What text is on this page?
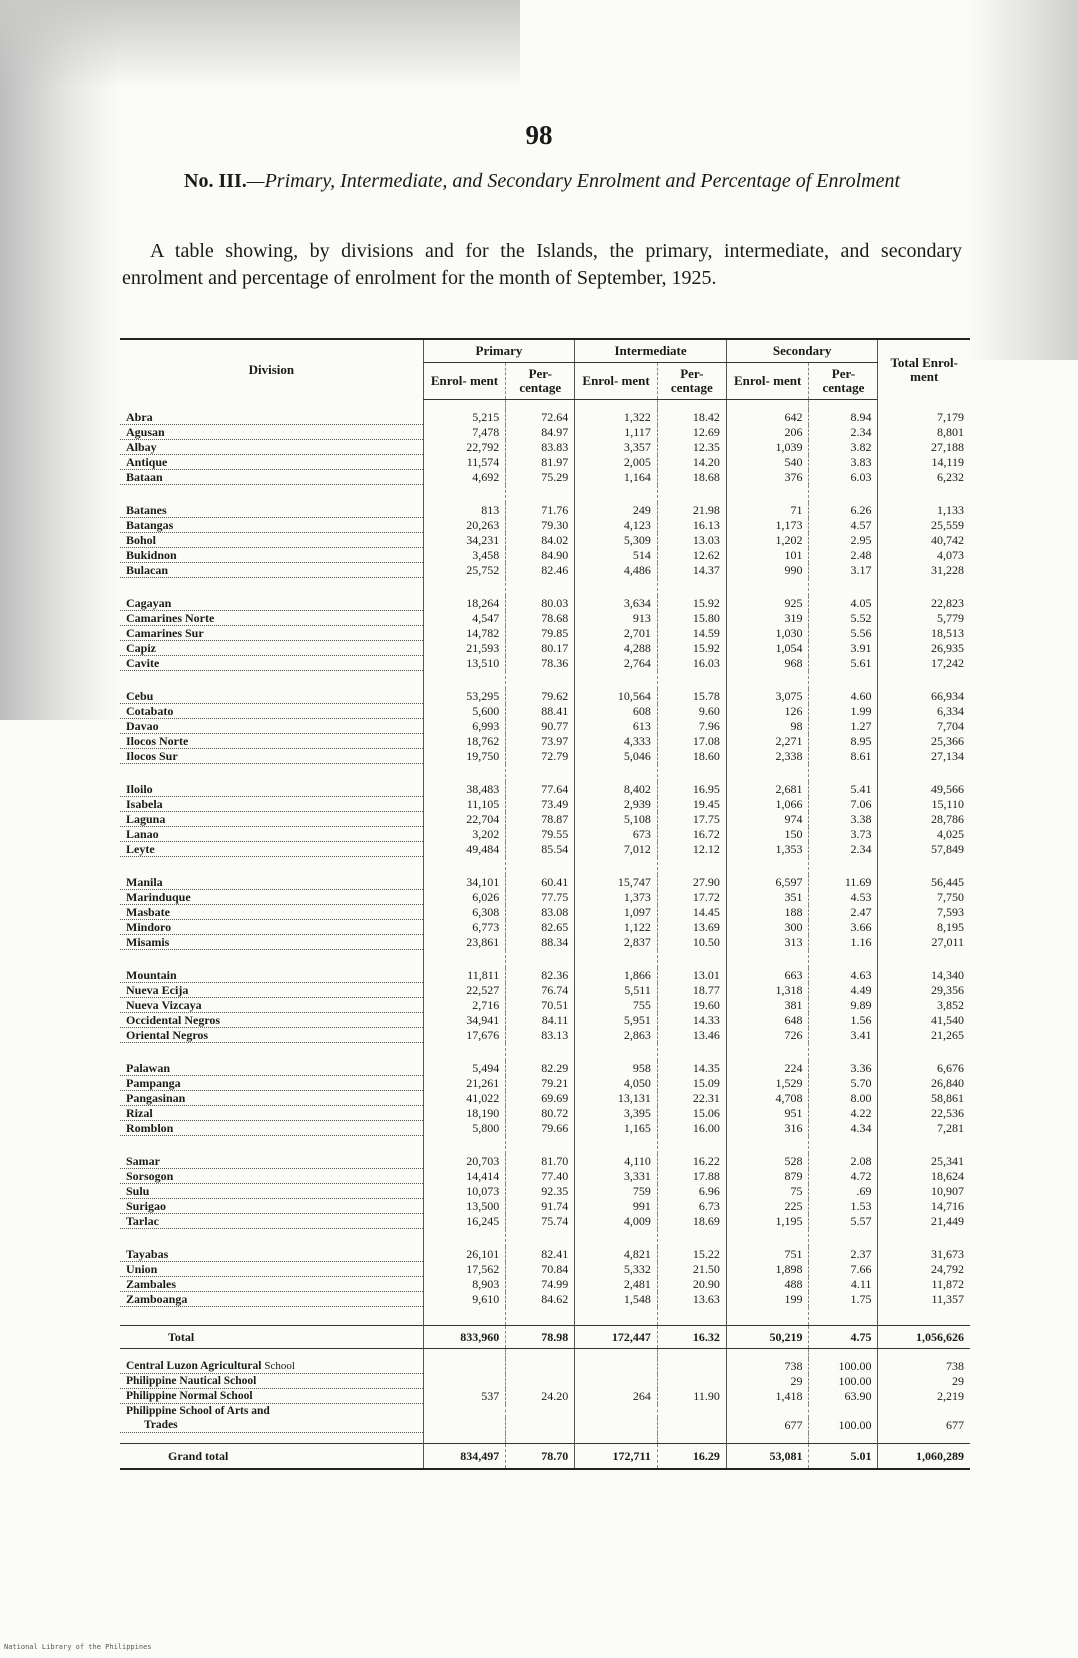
98
No. III.—Primary, Intermediate, and Secondary Enrolment and Percentage of Enrolment
A table showing, by divisions and for the Islands, the primary, intermediate, and secondary enrolment and percentage of enrolment for the month of September, 1925.
Division	Primary		Intermediate		Secondary		Total Enrol- ment
	Enrol- ment	Per- centage	Enrol- ment	Per- centage	Enrol- ment	Per- centage	

Abra	5,215	72.64	1,322	18.42	642	8.94	7,179
Agusan	7,478	84.97	1,117	12.69	206	2.34	8,801
Albay	22,792	83.83	3,357	12.35	1,039	3.82	27,188
Antique	11,574	81.97	2,005	14.20	540	3.83	14,119
Bataan	4,692	75.29	1,164	18.68	376	6.03	6,232

Batanes	813	71.76	249	21.98	71	6.26	1,133
Batangas	20,263	79.30	4,123	16.13	1,173	4.57	25,559
Bohol	34,231	84.02	5,309	13.03	1,202	2.95	40,742
Bukidnon	3,458	84.90	514	12.62	101	2.48	4,073
Bulacan	25,752	82.46	4,486	14.37	990	3.17	31,228

Cagayan	18,264	80.03	3,634	15.92	925	4.05	22,823
Camarines Norte	4,547	78.68	913	15.80	319	5.52	5,779
Camarines Sur	14,782	79.85	2,701	14.59	1,030	5.56	18,513
Capiz	21,593	80.17	4,288	15.92	1,054	3.91	26,935
Cavite	13,510	78.36	2,764	16.03	968	5.61	17,242

Cebu	53,295	79.62	10,564	15.78	3,075	4.60	66,934
Cotabato	5,600	88.41	608	9.60	126	1.99	6,334
Davao	6,993	90.77	613	7.96	98	1.27	7,704
Ilocos Norte	18,762	73.97	4,333	17.08	2,271	8.95	25,366
Ilocos Sur	19,750	72.79	5,046	18.60	2,338	8.61	27,134

Iloilo	38,483	77.64	8,402	16.95	2,681	5.41	49,566
Isabela	11,105	73.49	2,939	19.45	1,066	7.06	15,110
Laguna	22,704	78.87	5,108	17.75	974	3.38	28,786
Lanao	3,202	79.55	673	16.72	150	3.73	4,025
Leyte	49,484	85.54	7,012	12.12	1,353	2.34	57,849

Manila	34,101	60.41	15,747	27.90	6,597	11.69	56,445
Marinduque	6,026	77.75	1,373	17.72	351	4.53	7,750
Masbate	6,308	83.08	1,097	14.45	188	2.47	7,593
Mindoro	6,773	82.65	1,122	13.69	300	3.66	8,195
Misamis	23,861	88.34	2,837	10.50	313	1.16	27,011

Mountain	11,811	82.36	1,866	13.01	663	4.63	14,340
Nueva Ecija	22,527	76.74	5,511	18.77	1,318	4.49	29,356
Nueva Vizcaya	2,716	70.51	755	19.60	381	9.89	3,852
Occidental Negros	34,941	84.11	5,951	14.33	648	1.56	41,540
Oriental Negros	17,676	83.13	2,863	13.46	726	3.41	21,265

Palawan	5,494	82.29	958	14.35	224	3.36	6,676
Pampanga	21,261	79.21	4,050	15.09	1,529	5.70	26,840
Pangasinan	41,022	69.69	13,131	22.31	4,708	8.00	58,861
Rizal	18,190	80.72	3,395	15.06	951	4.22	22,536
Romblon	5,800	79.66	1,165	16.00	316	4.34	7,281

Samar	20,703	81.70	4,110	16.22	528	2.08	25,341
Sorsogon	14,414	77.40	3,331	17.88	879	4.72	18,624
Sulu	10,073	92.35	759	6.96	75	.69	10,907
Surigao	13,500	91.74	991	6.73	225	1.53	14,716
Tarlac	16,245	75.74	4,009	18.69	1,195	5.57	21,449

Tayabas	26,101	82.41	4,821	15.22	751	2.37	31,673
Union	17,562	70.84	5,332	21.50	1,898	7.66	24,792
Zambales	8,903	74.99	2,481	20.90	488	4.11	11,872
Zamboanga	9,610	84.62	1,548	13.63	199	1.75	11,357

Total	833,960	78.98	172,447	16.32	50,219	4.75	1,056,626

Central Luzon Agricultural School					738	100.00	738
Philippine Nautical School					29	100.00	29
Philippine Normal School	537	24.20	264	11.90	1,418	63.90	2,219
Philippine School of Arts and							
Trades					677	100.00	677

Grand total	834,497	78.70	172,711	16.29	53,081	5.01	1,060,289
National Library of the Philippines
